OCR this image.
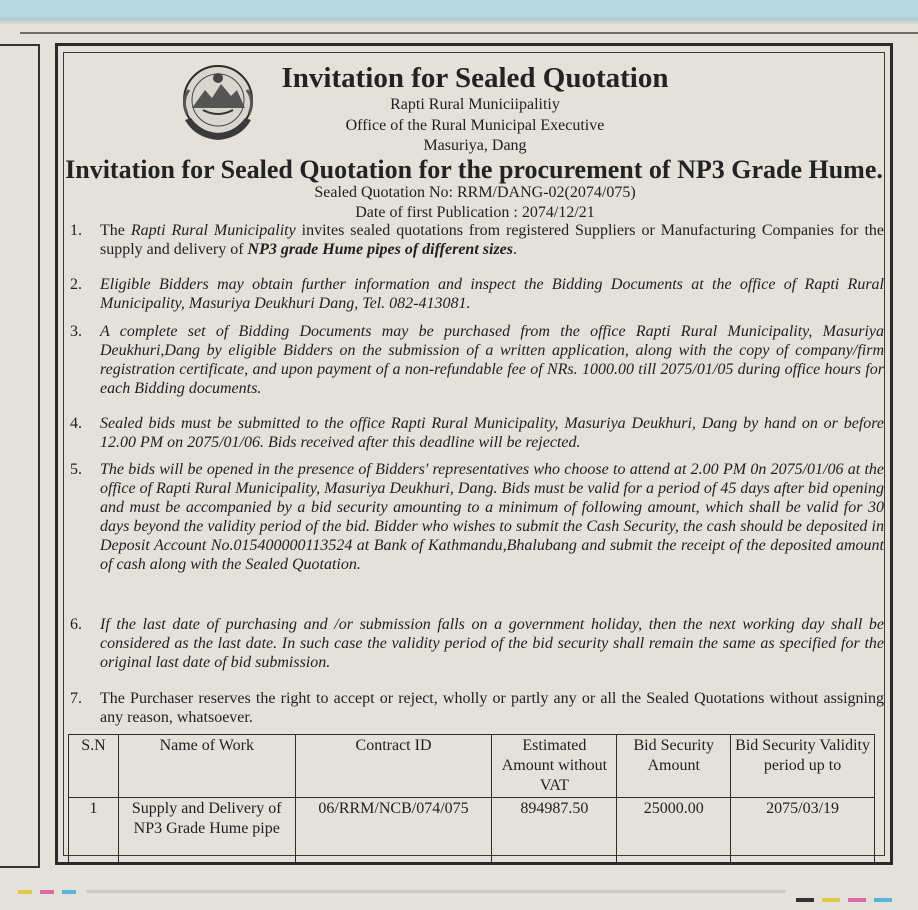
Invitation for Sealed Quotation
Rapti Rural Municiipalitiy
Office of the Rural Municipal Executive
Masuriya, Dang
Invitation for Sealed Quotation for the procurement of NP3 Grade Hume.
Sealed Quotation No: RRM/DANG-02(2074/075)
Date of first Publication : 2074/12/21
1. The Rapti Rural Municipality invites sealed quotations from registered Suppliers or Manufacturing Companies for the supply and delivery of NP3 grade Hume pipes of different sizes.
2. Eligible Bidders may obtain further information and inspect the Bidding Documents at the office of Rapti Rural Municipality, Masuriya Deukhuri Dang, Tel. 082-413081.
3. A complete set of Bidding Documents may be purchased from the office Rapti Rural Municipality, Masuriya Deukhuri,Dang by eligible Bidders on the submission of a written application, along with the copy of company/firm registration certificate, and upon payment of a non-refundable fee of NRs. 1000.00 till 2075/01/05 during office hours for each Bidding documents.
4. Sealed bids must be submitted to the office Rapti Rural Municipality, Masuriya Deukhuri, Dang by hand on or before 12.00 PM on 2075/01/06. Bids received after this deadline will be rejected.
5. The bids will be opened in the presence of Bidders' representatives who choose to attend at 2.00 PM 0n 2075/01/06 at the office of Rapti Rural Municipality, Masuriya Deukhuri, Dang. Bids must be valid for a period of 45 days after bid opening and must be accompanied by a bid security amounting to a minimum of following amount, which shall be valid for 30 days beyond the validity period of the bid. Bidder who wishes to submit the Cash Security, the cash should be deposited in Deposit Account No.015400000113524 at Bank of Kathmandu,Bhalubang and submit the receipt of the deposited amount of cash along with the Sealed Quotation.
6. If the last date of purchasing and /or submission falls on a government holiday, then the next working day shall be considered as the last date. In such case the validity period of the bid security shall remain the same as specified for the original last date of bid submission.
7. The Purchaser reserves the right to accept or reject, wholly or partly any or all the Sealed Quotations without assigning any reason, whatsoever.
S.N	Name of Work	Contract ID	Estimated Amount without VAT	Bid Security Amount	Bid Security Validity period up to
1	Supply and Delivery of NP3 Grade Hume pipe	06/RRM/NCB/074/075	894987.50	25000.00	2075/03/19
